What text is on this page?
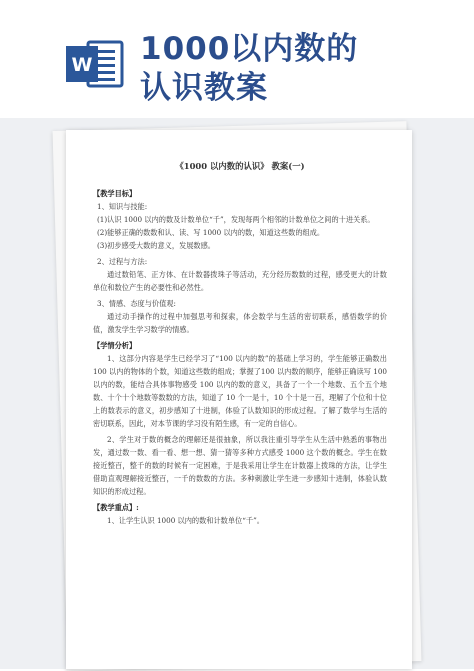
W 1000以内数的
认识教案

《1000 以内数的认识》 教案(一)

【教学目标】

1、知识与技能:

(1)认识 1000 以内的数及计数单位“千”，发现每两个相邻的计数单位之间的十进关系。

(2)能够正确的数数和认、读、写 1000 以内的数，知道这些数的组成。

(3)初步感受大数的意义，发展数感。

2、过程与方法:

通过数铅笔、正方体、在计数器拨珠子等活动，充分经历数数的过程，感受更大的计数单位和数位产生的必要性和必然性。

3、情感、态度与价值观:

通过动手操作的过程中加强思考和探索，体会数学与生活的密切联系，感悟数学的价值，激发学生学习数学的情感。

【学情分析】

1、这部分内容是学生已经学习了“100 以内的数”的基础上学习的，学生能够正确数出 100 以内的物体的个数，知道这些数的组成；掌握了100 以内数的顺序，能够正确读写 100 以内的数，能结合具体事物感受 100 以内的数的意义，具备了一个一个地数、五个五个地数、十个十个地数等数数的方法，知道了 10 个一是十，10 个十是一百，理解了个位和十位上的数表示的意义，初步感知了十进制，体验了认数知识的形成过程。了解了数学与生活的密切联系，因此，对本节课的学习没有陌生感，有一定的自信心。

2、学生对于数的概念的理解还是很抽象，所以我注重引导学生从生活中熟悉的事物出发，通过数一数、看一看、想一想、猜一猜等多种方式感受 1000 这个数的概念。学生在数接近整百，整千的数的时候有一定困难，于是我采用让学生在计数器上拨珠的方法，让学生借助直观理解接近整百，一千的数数的方法。多种刺激让学生进一步感知十进制，体验认数知识的形成过程。

【教学重点】:

1、让学生认识 1000 以内的数和计数单位“千”。
